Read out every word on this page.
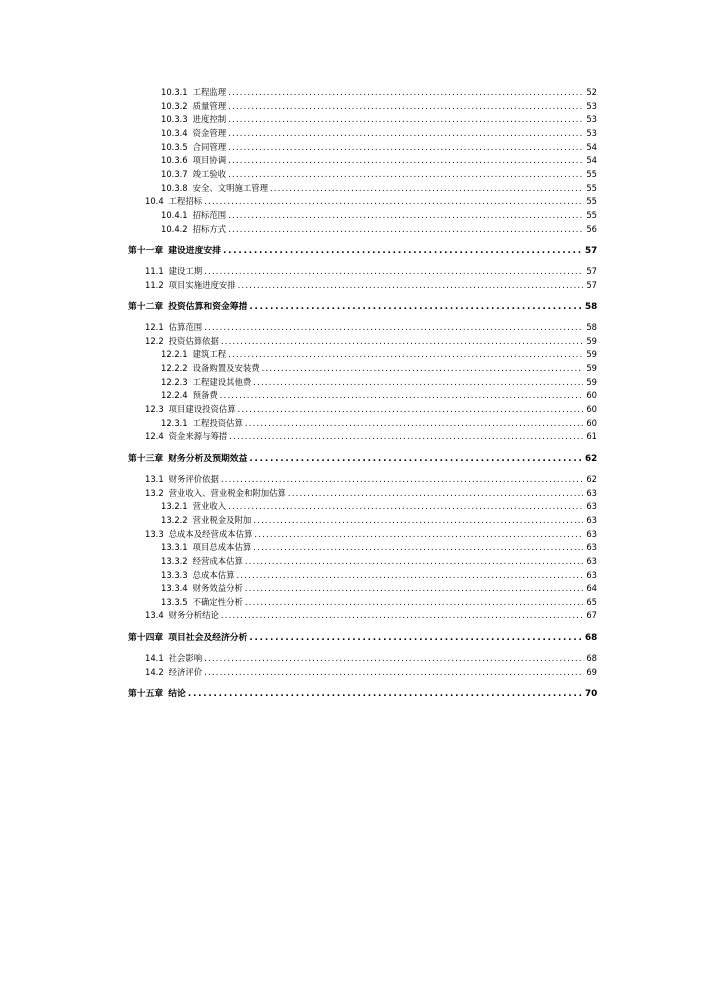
10.3.1 工程监理 .....	52
10.3.2 质量管理 .....	53
10.3.3 进度控制 .....	53
10.3.4 资金管理 .....	53
10.3.5 合同管理 .....	54
10.3.6 项目协调 .....	54
10.3.7 竣工验收 .....	55
10.3.8 安全、文明施工管理 .....	55
10.4 工程招标 .....	55
10.4.1 招标范围 .....	55
10.4.2 招标方式 .....	56
第十一章 建设进度安排 .....	57
11.1 建设工期 .....	57
11.2 项目实施进度安排 .....	57
第十二章 投资估算和资金筹措 .....	58
12.1 估算范围 .....	58
12.2 投资估算依据 .....	59
12.2.1 建筑工程 .....	59
12.2.2 设备购置及安装费 .....	59
12.2.3 工程建设其他费 .....	59
12.2.4 预备费 .....	60
12.3 项目建设投资估算 .....	60
12.3.1 工程投资估算 .....	60
12.4 资金来源与筹措 .....	61
第十三章 财务分析及预期效益 .....	62
13.1 财务评价依据 .....	62
13.2 营业收入、营业税金和附加估算 .....	63
13.2.1 营业收入 .....	63
13.2.2 营业税金及附加 .....	63
13.3 总成本及经营成本估算 .....	63
13.3.1 项目总成本估算 .....	63
13.3.2 经营成本估算 .....	63
13.3.3 总成本估算 .....	63
13.3.4 财务效益分析 .....	64
13.3.5 不确定性分析 .....	65
13.4 财务分析结论 .....	67
第十四章 项目社会及经济分析 .....	68
14.1 社会影响 .....	68
14.2 经济评价 .....	69
第十五章 结论 .....	70
